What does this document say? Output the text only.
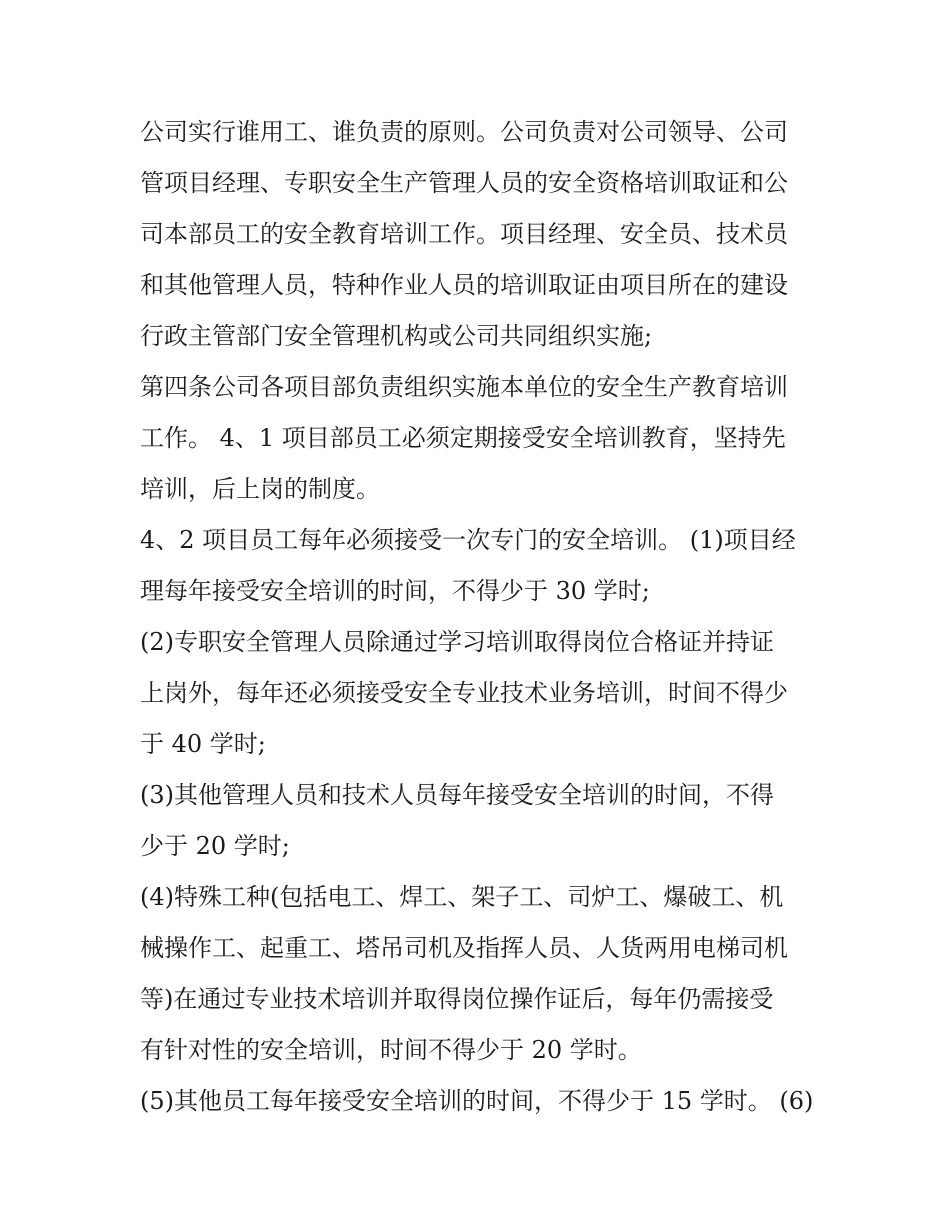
公司实行谁用工、谁负责的原则。公司负责对公司领导、公司
管项目经理、专职安全生产管理人员的安全资格培训取证和公
司本部员工的安全教育培训工作。项目经理、安全员、技术员
和其他管理人员，特种作业人员的培训取证由项目所在的建设
行政主管部门安全管理机构或公司共同组织实施;
第四条公司各项目部负责组织实施本单位的安全生产教育培训
工作。 4、1 项目部员工必须定期接受安全培训教育，坚持先
培训，后上岗的制度。
4、2 项目员工每年必须接受一次专门的安全培训。 (1)项目经
理每年接受安全培训的时间，不得少于 30 学时;
(2)专职安全管理人员除通过学习培训取得岗位合格证并持证
上岗外，每年还必须接受安全专业技术业务培训，时间不得少
于 40 学时;
(3)其他管理人员和技术人员每年接受安全培训的时间，不得
少于 20 学时;
(4)特殊工种(包括电工、焊工、架子工、司炉工、爆破工、机
械操作工、起重工、塔吊司机及指挥人员、人货两用电梯司机
等)在通过专业技术培训并取得岗位操作证后，每年仍需接受
有针对性的安全培训，时间不得少于 20 学时。
(5)其他员工每年接受安全培训的时间，不得少于 15 学时。 (6)
